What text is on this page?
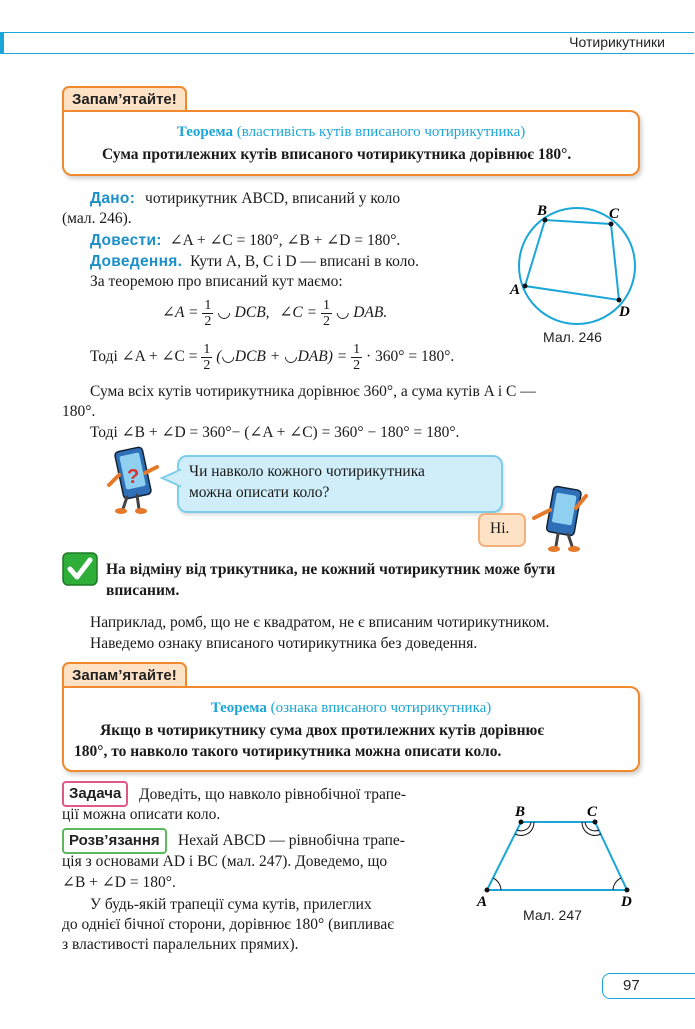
Чотирикутники
Запам’ятайте!
Теорема (властивість кутів вписаного чотирикутника)
Сума протилежних кутів вписаного чотирикутника дорівнює 180°.
Дано: чотирикутник ABCD, вписаний у коло
(мал. 246).
Довести: ∠A + ∠C = 180°, ∠B + ∠D = 180°.
Доведення. Кути A, B, C і D — вписані в коло.
За теоремою про вписаний кут маємо:
∠A = $\frac{1}{2}$ ◡ DCB, ∠C = $\frac{1}{2}$ ◡ DAB.
Тоді ∠A + ∠C = $\frac{1}{2}$ (◡DCB + ◡DAB) = $\frac{1}{2} \cdot 360^\circ = 180^\circ$.
Сума всіх кутів чотирикутника дорівнює 360°, а сума кутів A і C —
180°.
Тоді ∠B + ∠D = 360°− (∠A + ∠C) = 360° − 180° = 180°.
A
B	C
D
Мал. 246
?	Чи навколо кожного чотирикутника
можна описати коло?
Ні.
На відміну від трикутника, не кожний чотирикутник може бути
вписаним.
Наприклад, ромб, що не є квадратом, не є вписаним чотирикутником.
Наведемо ознаку вписаного чотирикутника без доведення.
Запам’ятайте!
Теорема (ознака вписаного чотирикутника)
Якщо в чотирикутнику сума двох протилежних кутів дорівнює
180°, то навколо такого чотирикутника можна описати коло.
Задача	Доведіть, що навколо рівнобічної трапе-
ції можна описати коло.
Розв’язання	Нехай ABCD — рівнобічна трапе-
ція з основами AD і BC (мал. 247). Доведемо, що
∠B + ∠D = 180°.
У будь-якій трапеції сума кутів, прилеглих
до однієї бічної сторони, дорівнює 180° (випливає
з властивості паралельних прямих).
A
B	C
D
Мал. 247
97
